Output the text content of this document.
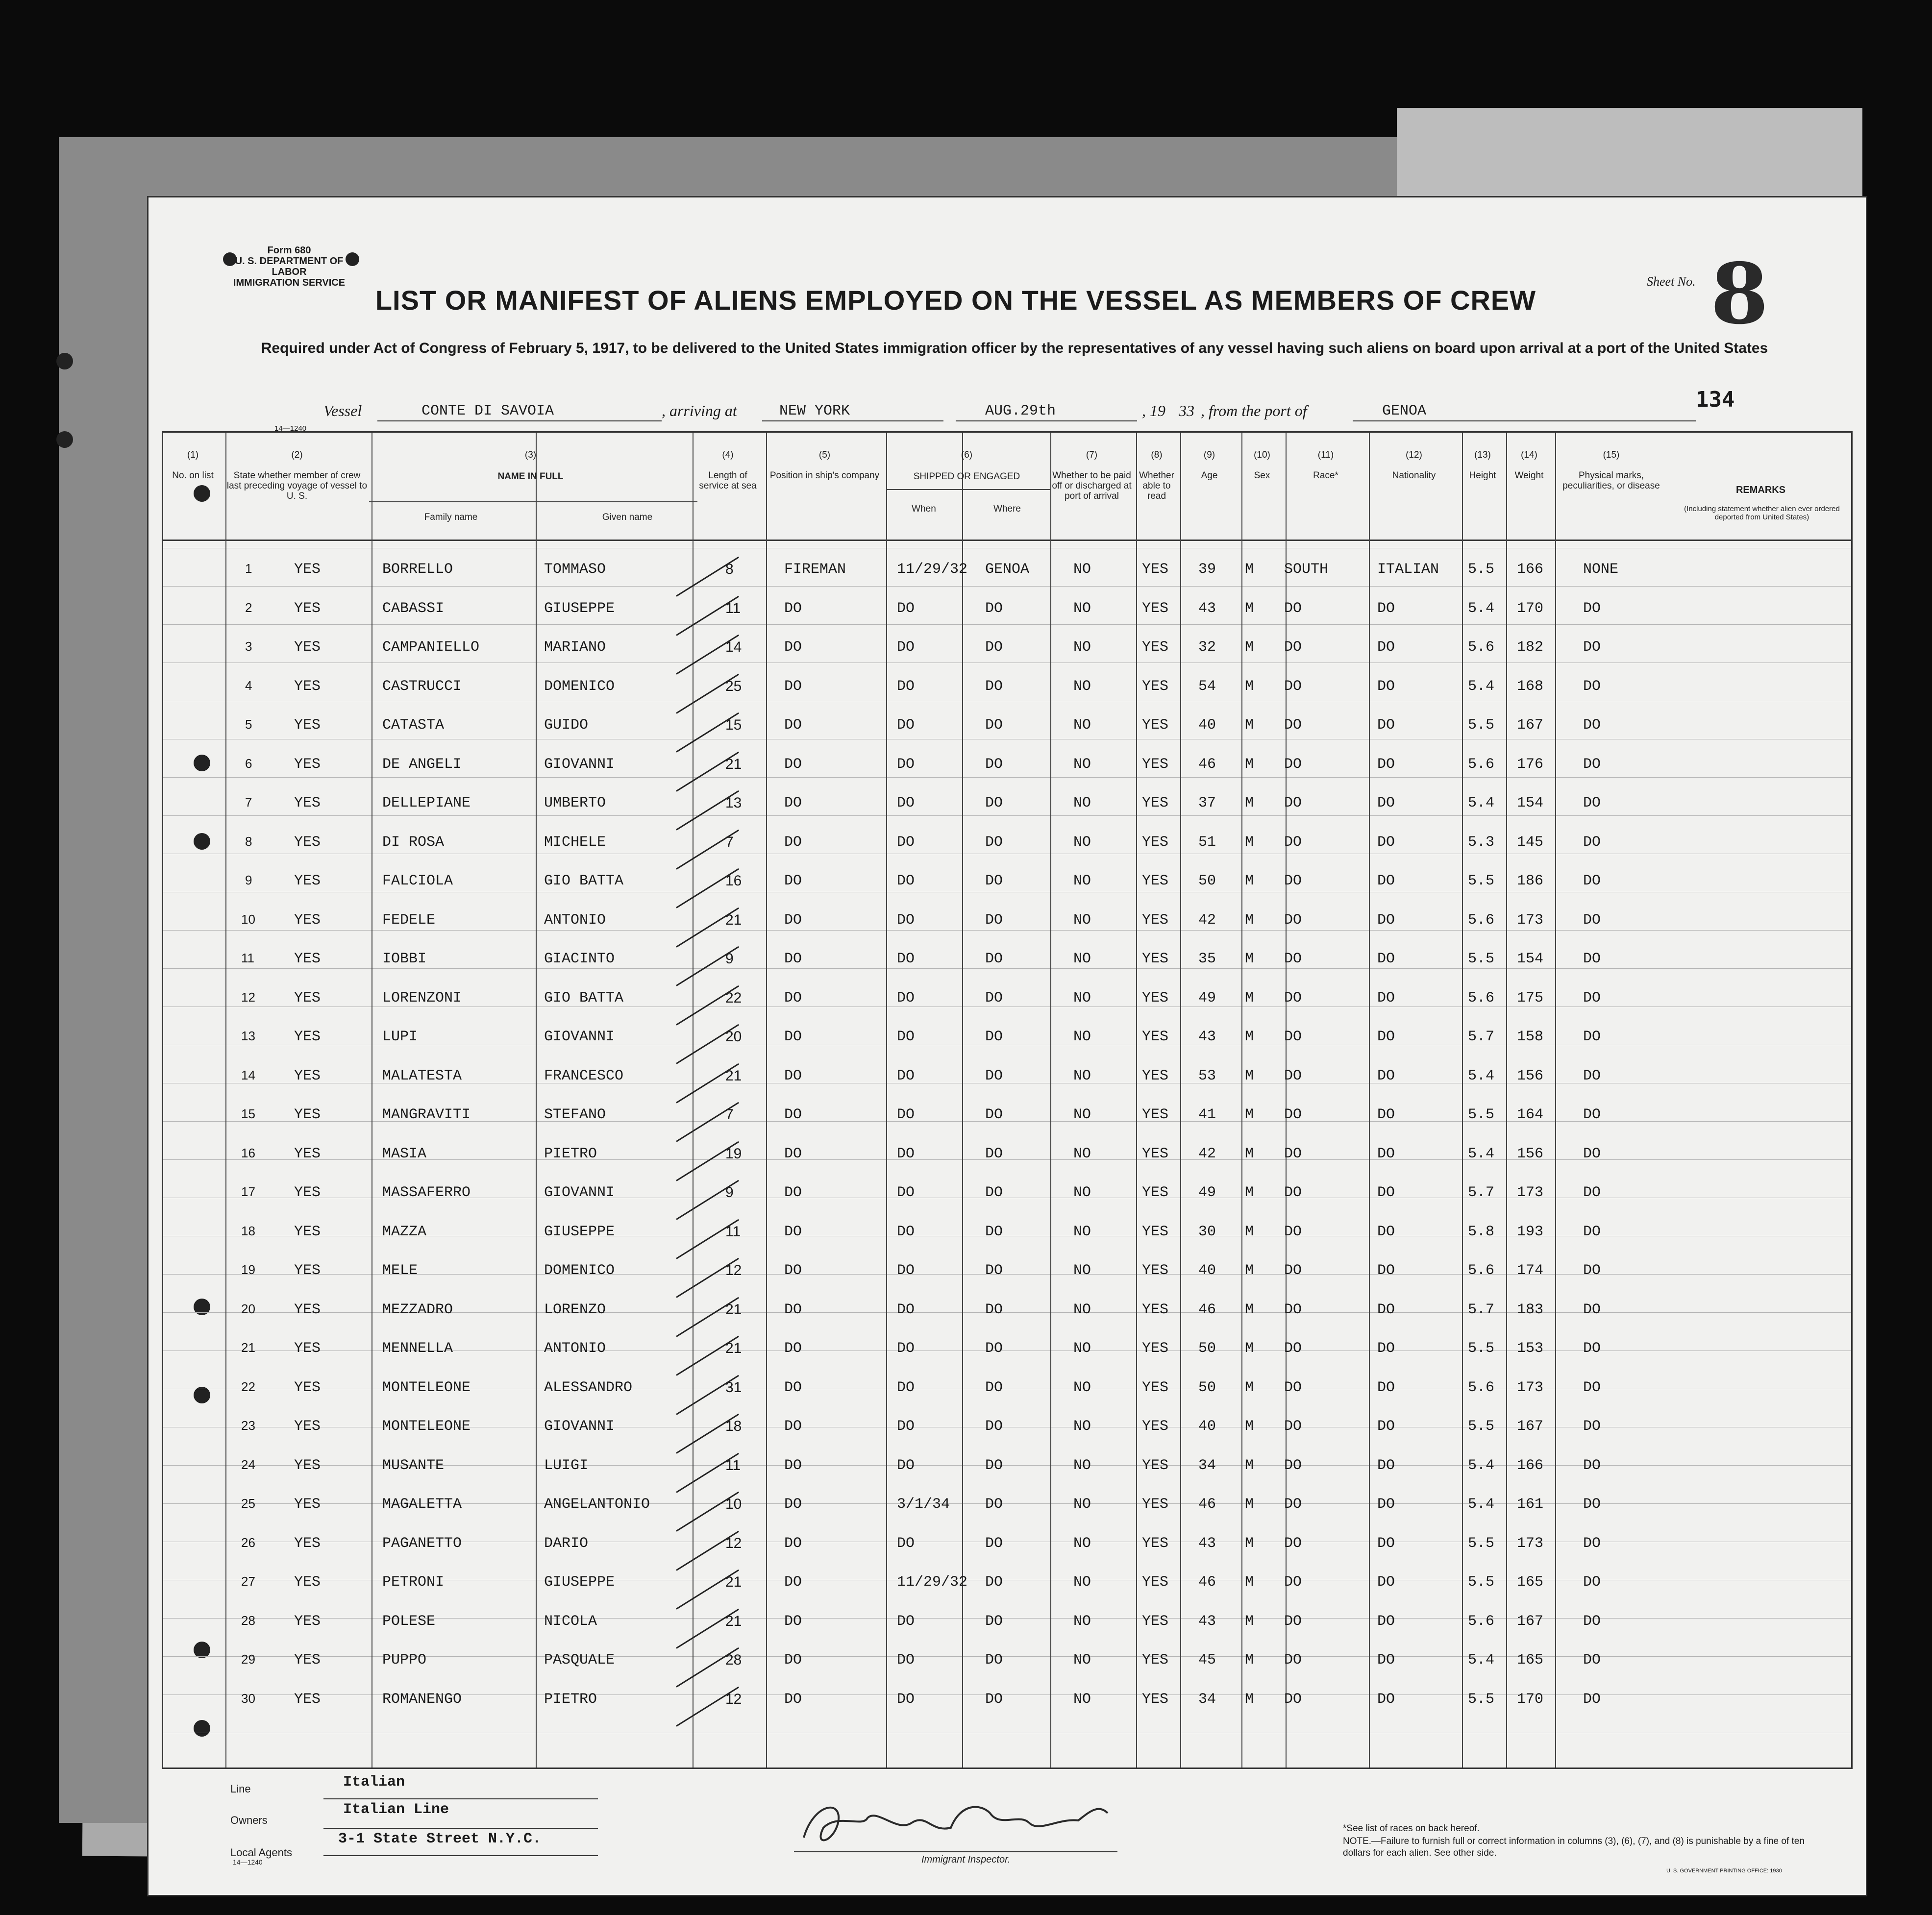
Form 680
U. S. DEPARTMENT OF LABOR
IMMIGRATION SERVICE
LIST OR MANIFEST OF ALIENS EMPLOYED ON THE VESSEL AS MEMBERS OF CREW
Required under Act of Congress of February 5, 1917, to be delivered to the United States immigration officer by the representatives of any vessel having such aliens on board upon arrival at a port of the United States
Sheet No. 8
134
Vessel	CONTE DI SAVOIA	, arriving at	NEW YORK	AUG.29th	, 19 33 , from the port of	GENOA
14—1240
(1)
No. on list
(2)
State whether member of crew last preceding voyage of vessel to U. S.
(3)
NAME IN FULL
(4)
Length of service at sea
(5)
Position in ship's company
(6)
SHIPPED OR ENGAGED
(7)
Whether to be paid off or discharged at port of arrival
(8)
Whether able to read
(9)
Age
(10)
Sex
(11)
Race*
(12)
Nationality
(13)
Height
(14)
Weight
(15)
Physical marks, peculiarities, or disease	REMARKS
Family name	Given name
When	Where	(Including statement whether alien ever ordered deported from United States)
1	YES	BORRELLO	TOMMASO	8	FIREMAN	11/29/32 GENOA	NO	YES 39 M SOUTH	ITALIAN 5.5 166	NONE
2	YES	CABASSI	GIUSEPPE	11	DO	DO	DO	NO	YES 43 M DO	DO	5.4 170	DO
3	YES	CAMPANIELLO	MARIANO	14	DO	DO	DO	NO	YES 32 M DO	DO	5.6 182	DO
4	YES	CASTRUCCI	DOMENICO	25	DO	DO	DO	NO	YES 54 M DO	DO	5.4 168	DO
5	YES	CATASTA	GUIDO	15	DO	DO	DO	NO	YES 40 M DO	DO	5.5 167	DO
6	YES	DE ANGELI	GIOVANNI	21	DO	DO	DO	NO	YES 46 M DO	DO	5.6 176	DO
7	YES	DELLEPIANE	UMBERTO	13	DO	DO	DO	NO	YES 37 M DO	DO	5.4 154	DO
8	YES	DI ROSA	MICHELE	7	DO	DO	DO	NO	YES 51 M DO	DO	5.3 145	DO
9	YES	FALCIOLA	GIO BATTA	16	DO	DO	DO	NO	YES 50 M DO	DO	5.5 186	DO
10	YES	FEDELE	ANTONIO	21	DO	DO	DO	NO	YES 42 M DO	DO	5.6 173	DO
11	YES	IOBBI	GIACINTO	9	DO	DO	DO	NO	YES 35 M DO	DO	5.5 154	DO
12	YES	LORENZONI	GIO BATTA	22	DO	DO	DO	NO	YES 49 M DO	DO	5.6 175	DO
13	YES	LUPI	GIOVANNI	20	DO	DO	DO	NO	YES 43 M DO	DO	5.7 158	DO
14	YES	MALATESTA	FRANCESCO	21	DO	DO	DO	NO	YES 53 M DO	DO	5.4 156	DO
15	YES	MANGRAVITI	STEFANO	7	DO	DO	DO	NO	YES 41 M DO	DO	5.5 164	DO
16	YES	MASIA	PIETRO	19	DO	DO	DO	NO	YES 42 M DO	DO	5.4 156	DO
17	YES	MASSAFERRO	GIOVANNI	9	DO	DO	DO	NO	YES 49 M DO	DO	5.7 173	DO
18	YES	MAZZA	GIUSEPPE	11	DO	DO	DO	NO	YES 30 M DO	DO	5.8 193	DO
19	YES	MELE	DOMENICO	12	DO	DO	DO	NO	YES 40 M DO	DO	5.6 174	DO
20	YES	MEZZADRO	LORENZO	21	DO	DO	DO	NO	YES 46 M DO	DO	5.7 183	DO
21	YES	MENNELLA	ANTONIO	21	DO	DO	DO	NO	YES 50 M DO	DO	5.5 153	DO
22	YES	MONTELEONE	ALESSANDRO	31	DO	DO	DO	NO	YES 50 M DO	DO	5.6 173	DO
23	YES	MONTELEONE	GIOVANNI	18	DO	DO	DO	NO	YES 40 M DO	DO	5.5 167	DO
24	YES	MUSANTE	LUIGI	11	DO	DO	DO	NO	YES 34 M DO	DO	5.4 166	DO
25	YES	MAGALETTA	ANGELANTONIO	10	DO	3/1/34 DO	NO	YES 46 M DO	DO	5.4 161	DO
26	YES	PAGANETTO	DARIO	12	DO	DO	DO	NO	YES 43 M DO	DO	5.5 173	DO
27	YES	PETRONI	GIUSEPPE	21	DO	11/29/32 DO	NO	YES 46 M DO	DO	5.5 165	DO
28	YES	POLESE	NICOLA	21	DO	DO	DO	NO	YES 43 M DO	DO	5.6 167	DO
29	YES	PUPPO	PASQUALE	28	DO	DO	DO	NO	YES 45 M DO	DO	5.4 165	DO
30	YES	ROMANENGO	PIETRO	12	DO	DO	DO	NO	YES 34 M DO	DO	5.5 170	DO
Line	Italian
Owners
Italian Line
Local Agents
14—1240
3-1 State Street N.Y.C.
Immigrant Inspector.
*See list of races on back hereof.
NOTE.—Failure to furnish full or correct information in columns (3), (6), (7), and (8) is punishable by a fine of ten dollars for each alien. See other side.
U. S. GOVERNMENT PRINTING OFFICE: 1930
